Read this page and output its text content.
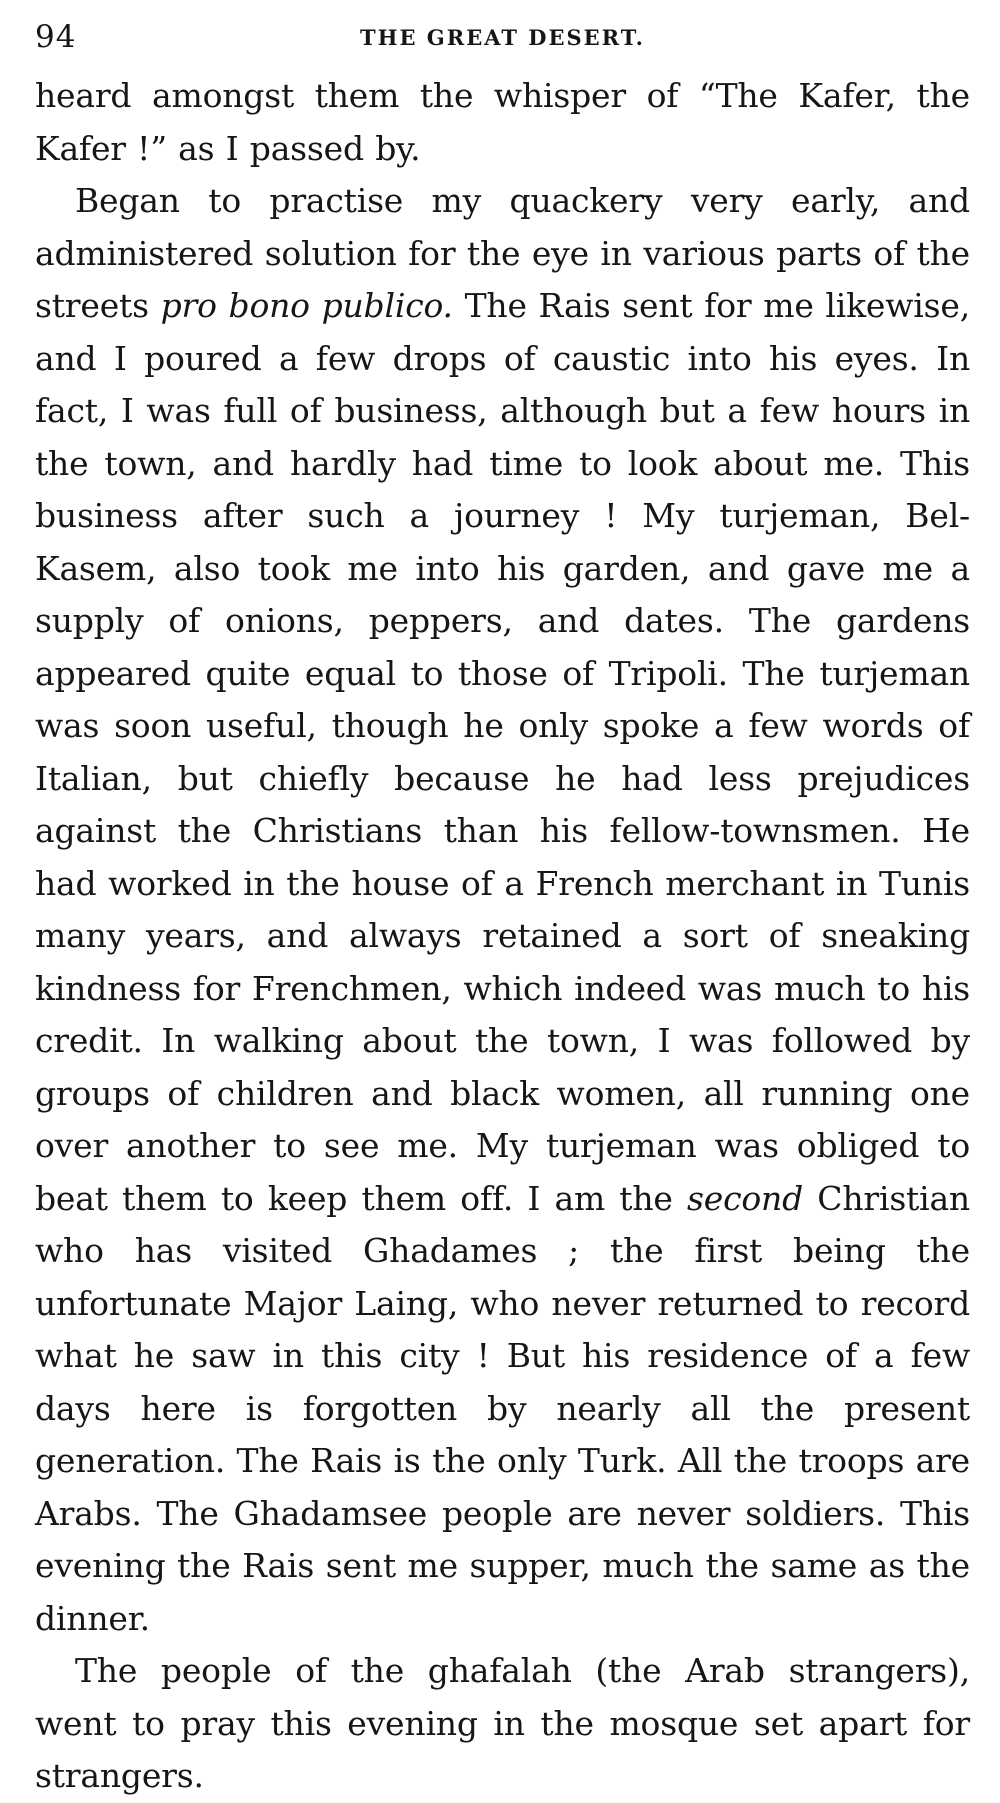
94	THE GREAT DESERT.

heard amongst them the whisper of “The Kafer, the Kafer !” as I passed by.

Began to practise my quackery very early, and administered solution for the eye in various parts of the streets pro bono publico. The Rais sent for me likewise, and I poured a few drops of caustic into his eyes. In fact, I was full of business, although but a few hours in the town, and hardly had time to look about me. This business after such a journey ! My turjeman, Bel-Kasem, also took me into his garden, and gave me a supply of onions, peppers, and dates. The gardens appeared quite equal to those of Tripoli. The turjeman was soon useful, though he only spoke a few words of Italian, but chiefly because he had less prejudices against the Christians than his fellow-townsmen. He had worked in the house of a French merchant in Tunis many years, and always retained a sort of sneaking kindness for Frenchmen, which indeed was much to his credit. In walking about the town, I was followed by groups of children and black women, all running one over another to see me. My turjeman was obliged to beat them to keep them off. I am the second Christian who has visited Ghadames ; the first being the unfortunate Major Laing, who never returned to record what he saw in this city ! But his residence of a few days here is forgotten by nearly all the present generation. The Rais is the only Turk. All the troops are Arabs. The Ghadamsee people are never soldiers. This evening the Rais sent me supper, much the same as the dinner.

The people of the ghafalah (the Arab strangers), went to pray this evening in the mosque set apart for strangers.
